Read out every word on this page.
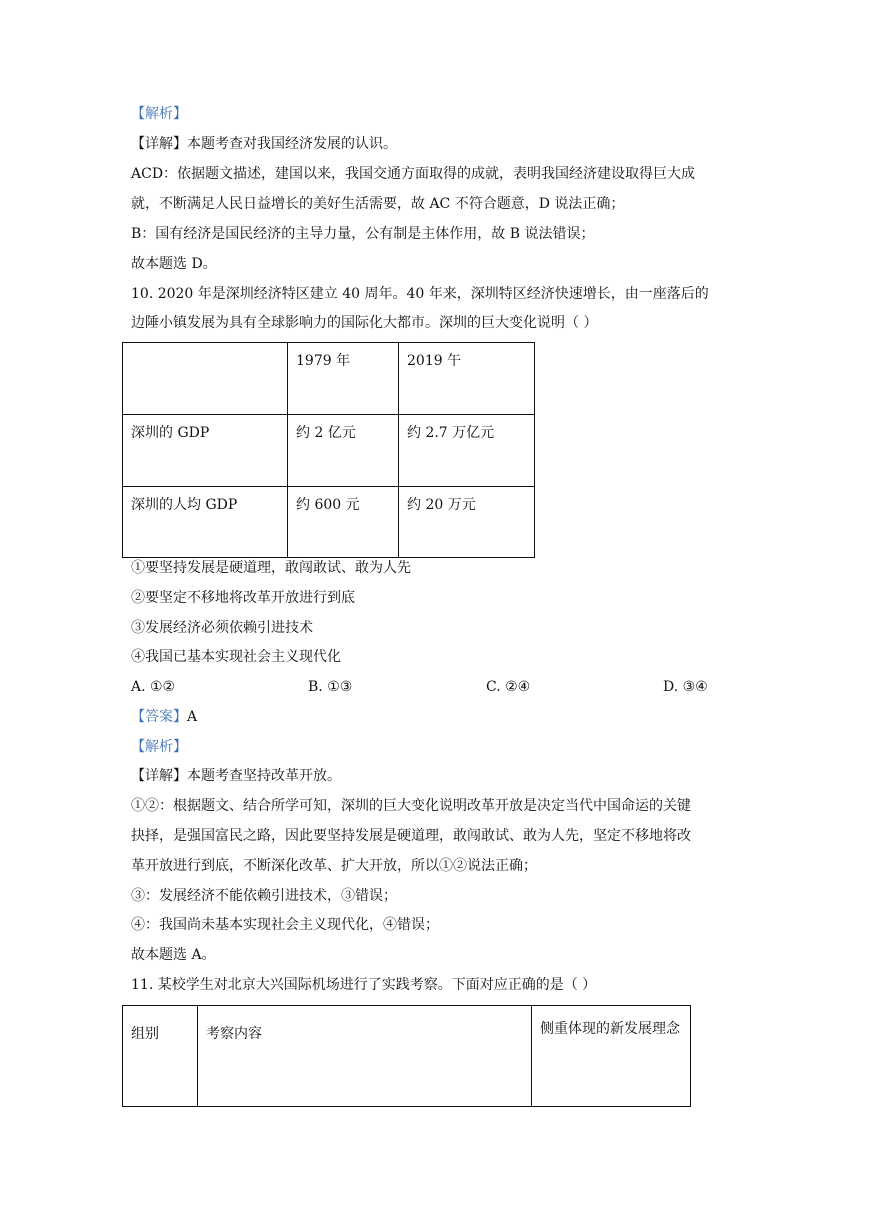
【解析】
【详解】本题考查对我国经济发展的认识。
ACD：依据题文描述，建国以来，我国交通方面取得的成就，表明我国经济建设取得巨大成
就，不断满足人民日益增长的美好生活需要，故 AC 不符合题意，D 说法正确；
B：国有经济是国民经济的主导力量，公有制是主体作用，故 B 说法错误；
故本题选 D。
10. 2020 年是深圳经济特区建立 40 周年。40 年来，深圳特区经济快速增长，由一座落后的
边陲小镇发展为具有全球影响力的国际化大都市。深圳的巨大变化说明（ ）

	1979 年	2019 午

深圳的 GDP	约 2 亿元	约 2.7 万亿元

深圳的人均 GDP	约 600 元	约 20 万元
①要坚持发展是硬道理，敢闯敢试、敢为人先
②要坚定不移地将改革开放进行到底
③发展经济必须依赖引进技术
④我国已基本实现社会主义现代化
A. ①②	B. ①③	C. ②④	D. ③④
【答案】A
【解析】
【详解】本题考查坚持改革开放。
①②：根据题文、结合所学可知，深圳的巨大变化说明改革开放是决定当代中国命运的关键
抉择，是强国富民之路，因此要坚持发展是硬道理，敢闯敢试、敢为人先，坚定不移地将改
革开放进行到底，不断深化改革、扩大开放，所以①②说法正确；
③：发展经济不能依赖引进技术，③错误；
④：我国尚未基本实现社会主义现代化，④错误；
故本题选 A。
11. 某校学生对北京大兴国际机场进行了实践考察。下面对应正确的是（ ）
组别	考察内容	侧重体现的新发展理念
